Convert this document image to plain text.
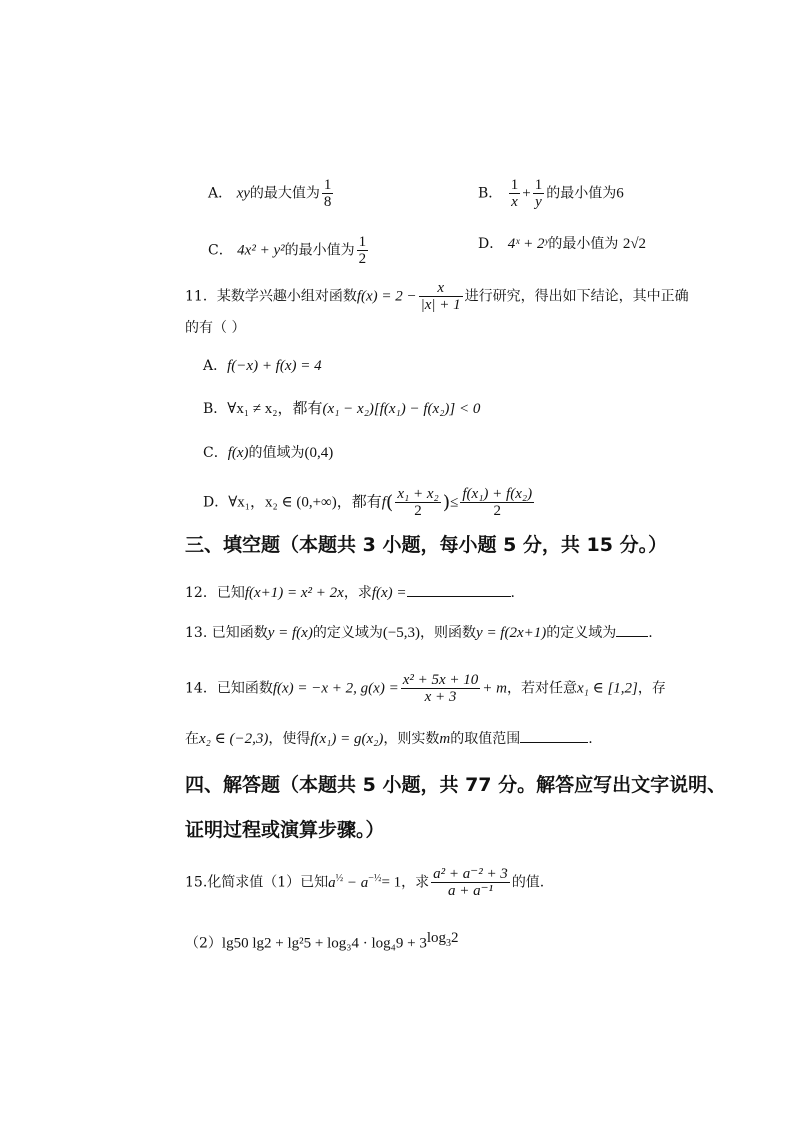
A． xy的最大值为 $\frac{1}{8}$	B． $\frac{1}{x} + \frac{1}{y}$ 的最小值为6
C． 4x² + y²的最小值为 $\frac{1}{2}$	D． 4ˣ + 2ʸ的最小值为 2√2
11．某数学兴趣小组对函数$f(x) = 2 - \frac{x}{|x| + 1}$ 进行研究，得出如下结论，其中正确
的有（ ）
A．f(−x) + f(x) = 4
B．∀x₁ ≠ x₂，都有(x₁ − x₂)[f(x₁) − f(x₂)] < 0
C．f(x)的值域为(0,4)
D．∀x₁，x₂ ∈ (0,+∞)，都有$f( \frac{\text{x₁ + x₂}}{2}$ )≤ $\frac{\text{f(x₁) + f(x₂)}}{2}$
三、填空题（本题共 3 小题，每小题 5 分，共 15 分。）
12．已知f(x+1) = x² + 2x，求f(x) =	.
13. 已知函数y = f(x)的定义域为(−5,3)，则函数y = f(2x+1)的定义域为 .
14．已知函数f(x) = −x + 2, $g(x) = \frac{\text{x² + 5x + 10}}{x + 3} + m$，若对任意x₁ ∈ [1,2]，存
在x₂ ∈ (−2,3)，使得f(x₁) = g(x₂)，则实数m的取值范围	.
四、解答题（本题共 5 小题，共 77 分。解答应写出文字说明、
证明过程或演算步骤。）
15.化简求值（1）已知$a^{\frac{1}{2}} - a^{-\frac{1}{2}}= 1$，求 $\frac{\text{a² + a⁻² + 3}}{\text{a + a⁻¹}}$ 的值.
（2）lg50 $\lg 2 + \lg^25 + \log_34 \cdot \log_49 + 3^{log_32}$
